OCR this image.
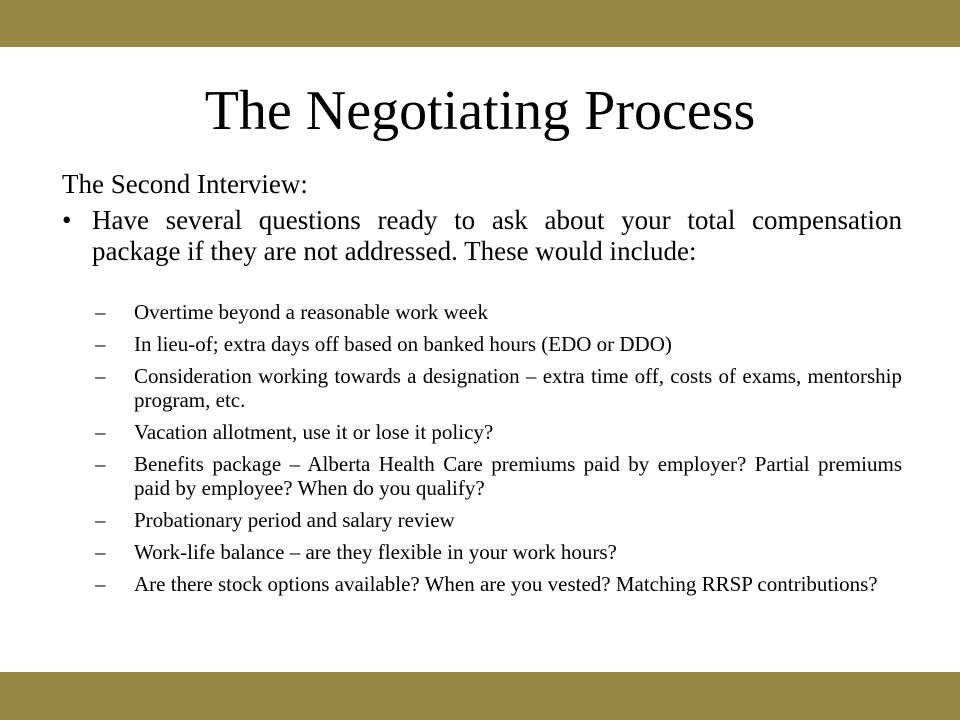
The Negotiating Process
The Second Interview:
• Have several questions ready to ask about your total compensation package if they are not addressed. These would include:
– Overtime beyond a reasonable work week
– In lieu-of; extra days off based on banked hours (EDO or DDO)
– Consideration working towards a designation – extra time off, costs of exams, mentorship program, etc.
– Vacation allotment, use it or lose it policy?
– Benefits package – Alberta Health Care premiums paid by employer? Partial premiums paid by employee? When do you qualify?
– Probationary period and salary review
– Work-life balance – are they flexible in your work hours?
– Are there stock options available? When are you vested? Matching RRSP contributions?
